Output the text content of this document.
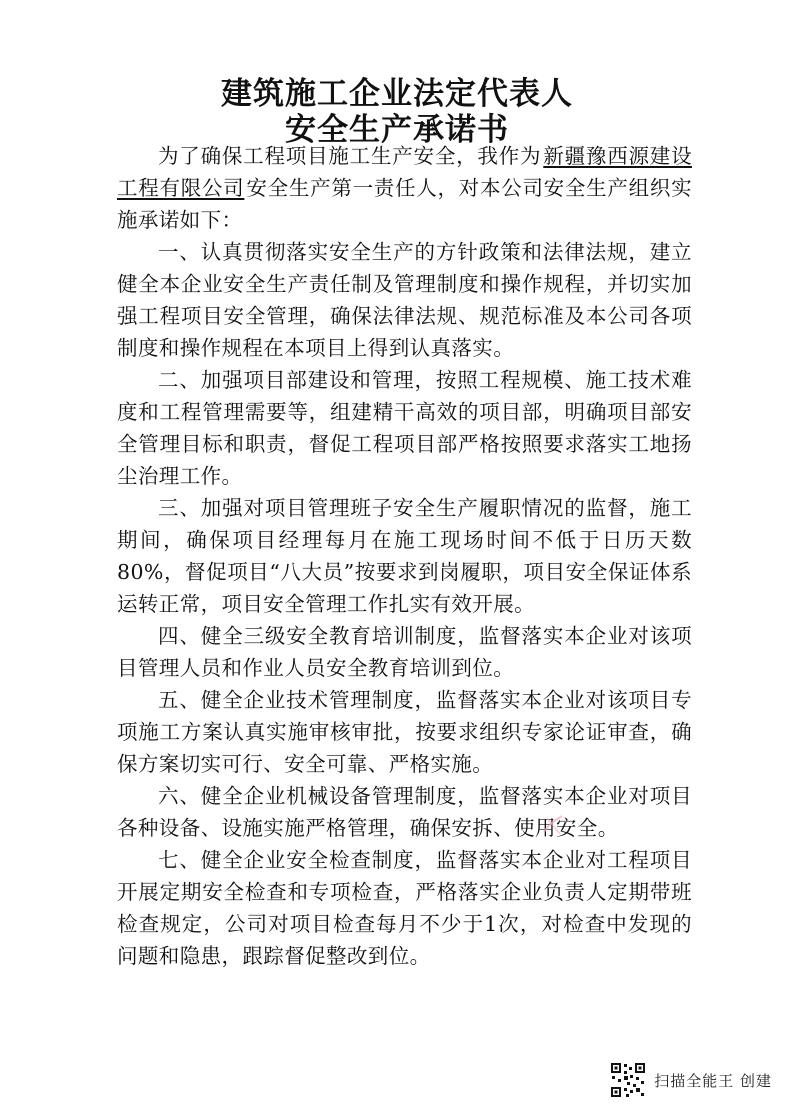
建筑施工企业法定代表人
安全生产承诺书

为了确保工程项目施工生产安全，我作为新疆豫西源建设工程有限公司安全生产第一责任人，对本公司安全生产组织实施承诺如下：

一、认真贯彻落实安全生产的方针政策和法律法规，建立健全本企业安全生产责任制及管理制度和操作规程，并切实加强工程项目安全管理，确保法律法规、规范标准及本公司各项制度和操作规程在本项目上得到认真落实。

二、加强项目部建设和管理，按照工程规模、施工技术难度和工程管理需要等，组建精干高效的项目部，明确项目部安全管理目标和职责，督促工程项目部严格按照要求落实工地扬尘治理工作。

三、加强对项目管理班子安全生产履职情况的监督，施工期间，确保项目经理每月在施工现场时间不低于日历天数80%，督促项目“八大员”按要求到岗履职，项目安全保证体系运转正常，项目安全管理工作扎实有效开展。

四、健全三级安全教育培训制度，监督落实本企业对该项目管理人员和作业人员安全教育培训到位。

五、健全企业技术管理制度，监督落实本企业对该项目专项施工方案认真实施审核审批，按要求组织专家论证审查，确保方案切实可行、安全可靠、严格实施。

六、健全企业机械设备管理制度，监督落实本企业对项目各种设备、设施实施严格管理，确保安拆、使用安全。

七、健全企业安全检查制度，监督落实本企业对工程项目开展定期安全检查和专项检查，严格落实企业负责人定期带班检查规定，公司对项目检查每月不少于1次，对检查中发现的问题和隐患，跟踪督促整改到位。

扫描全能王 创建
